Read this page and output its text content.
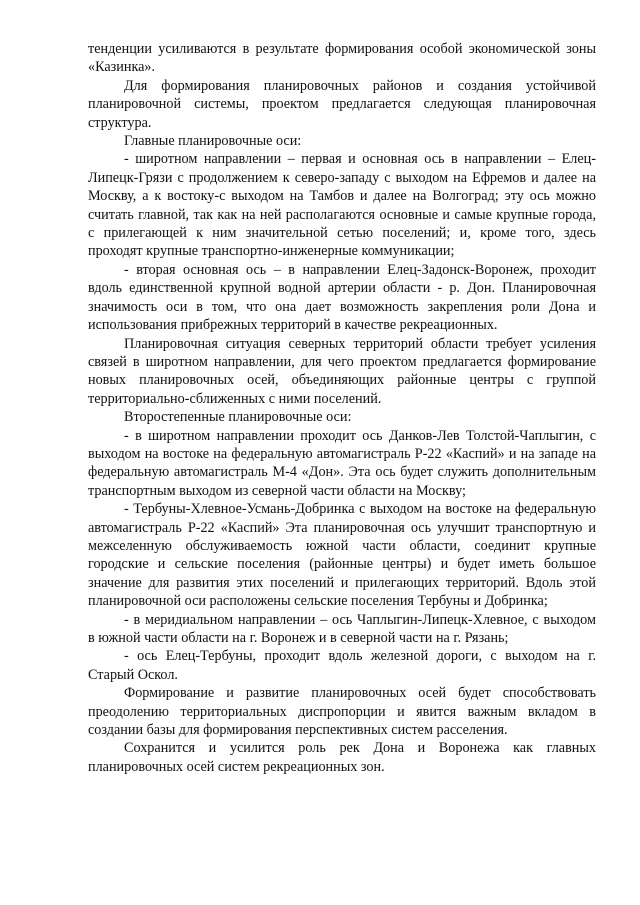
тенденции усиливаются в результате формирования особой экономической зоны «Казинка».

Для формирования планировочных районов и создания устойчивой планировочной системы, проектом предлагается следующая планировочная структура.

Главные планировочные оси:

- широтном направлении – первая и основная ось в направлении – Елец-Липецк-Грязи с продолжением к северо-западу с выходом на Ефремов и далее на Москву, а к востоку-с выходом на Тамбов и далее на Волгоград; эту ось можно считать главной, так как на ней располагаются основные и самые крупные города, с прилегающей к ним значительной сетью поселений; и, кроме того, здесь проходят крупные транспортно-инженерные коммуникации;

- вторая основная ось – в направлении Елец-Задонск-Воронеж, проходит вдоль единственной крупной водной артерии области - р. Дон. Планировочная значимость оси в том, что она дает возможность закрепления роли Дона и использования прибрежных территорий в качестве рекреационных.

Планировочная ситуация северных территорий области требует усиления связей в широтном направлении, для чего проектом предлагается формирование новых планировочных осей, объединяющих районные центры с группой территориально-сближенных с ними поселений.

Второстепенные планировочные оси:

- в широтном направлении проходит ось Данков-Лев Толстой-Чаплыгин, с выходом на востоке на федеральную автомагистраль Р-22 «Каспий» и на западе на федеральную автомагистраль М-4 «Дон». Эта ось будет служить дополнительным транспортным выходом из северной части области на Москву;

- Тербуны-Хлевное-Усмань-Добринка с выходом на востоке на федеральную автомагистраль Р-22 «Каспий» Эта планировочная ось улучшит транспортную и межселенную обслуживаемость южной части области, соединит крупные городские и сельские поселения (районные центры) и будет иметь большое значение для развития этих поселений и прилегающих территорий. Вдоль этой планировочной оси расположены сельские поселения Тербуны и Добринка;

- в меридиальном направлении – ось Чаплыгин-Липецк-Хлевное, с выходом в южной части области на г. Воронеж и в северной части на г. Рязань;

- ось Елец-Тербуны, проходит вдоль железной дороги, с выходом на г. Старый Оскол.

Формирование и развитие планировочных осей будет способствовать преодолению территориальных диспропорции и явится важным вкладом в создании базы для формирования перспективных систем расселения.

Сохранится и усилится роль рек Дона и Воронежа как главных планировочных осей систем рекреационных зон.
